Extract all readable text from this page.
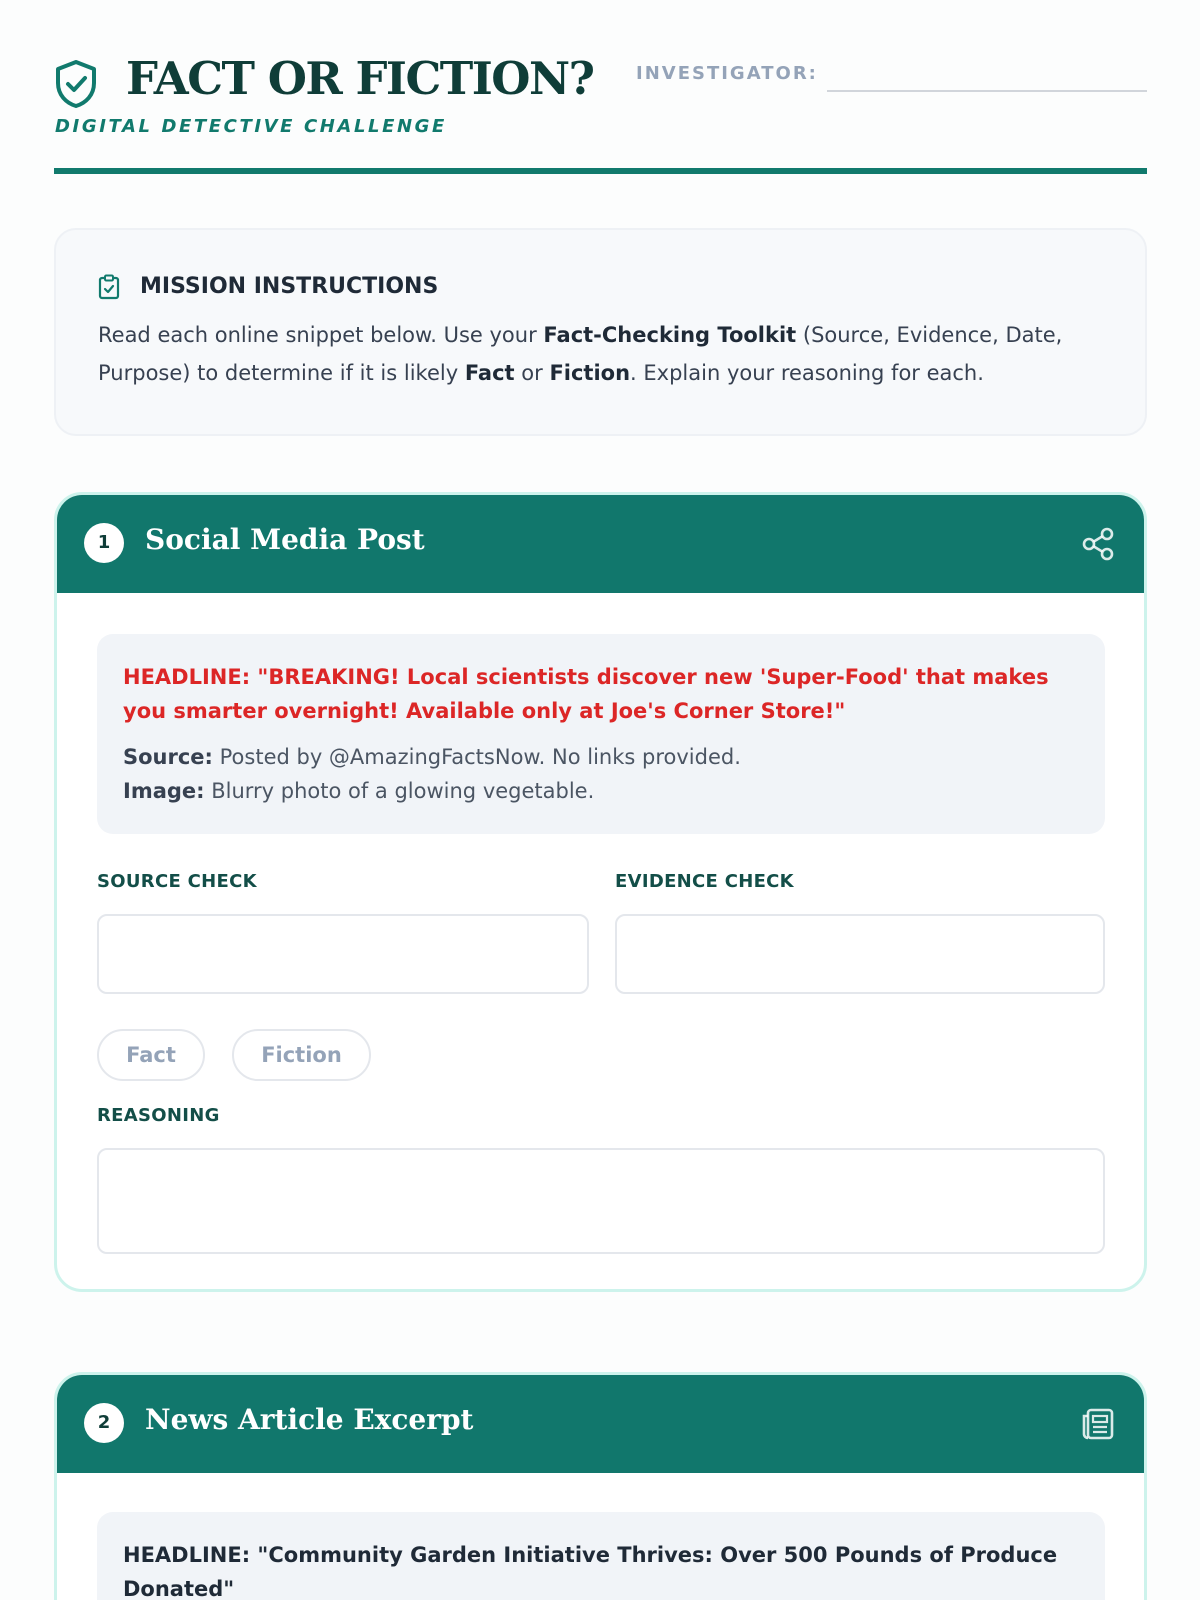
FACT OR FICTION?
DIGITAL DETECTIVE CHALLENGE
INVESTIGATOR:
MISSION INSTRUCTIONS

Read each online snippet below. Use your Fact-Checking Toolkit (Source, Evidence, Date, Purpose) to determine if it is likely Fact or Fiction. Explain your reasoning for each.

1	Social Media Post

HEADLINE: "BREAKING! Local scientists discover new 'Super-Food' that makes you smarter overnight! Available only at Joe's Corner Store!"

Source: Posted by @AmazingFactsNow. No links provided.
Image: Blurry photo of a glowing vegetable.
SOURCE CHECK	EVIDENCE CHECK
Fact	Fiction
REASONING
2	News Article Excerpt

HEADLINE: "Community Garden Initiative Thrives: Over 500 Pounds of Produce Donated"
